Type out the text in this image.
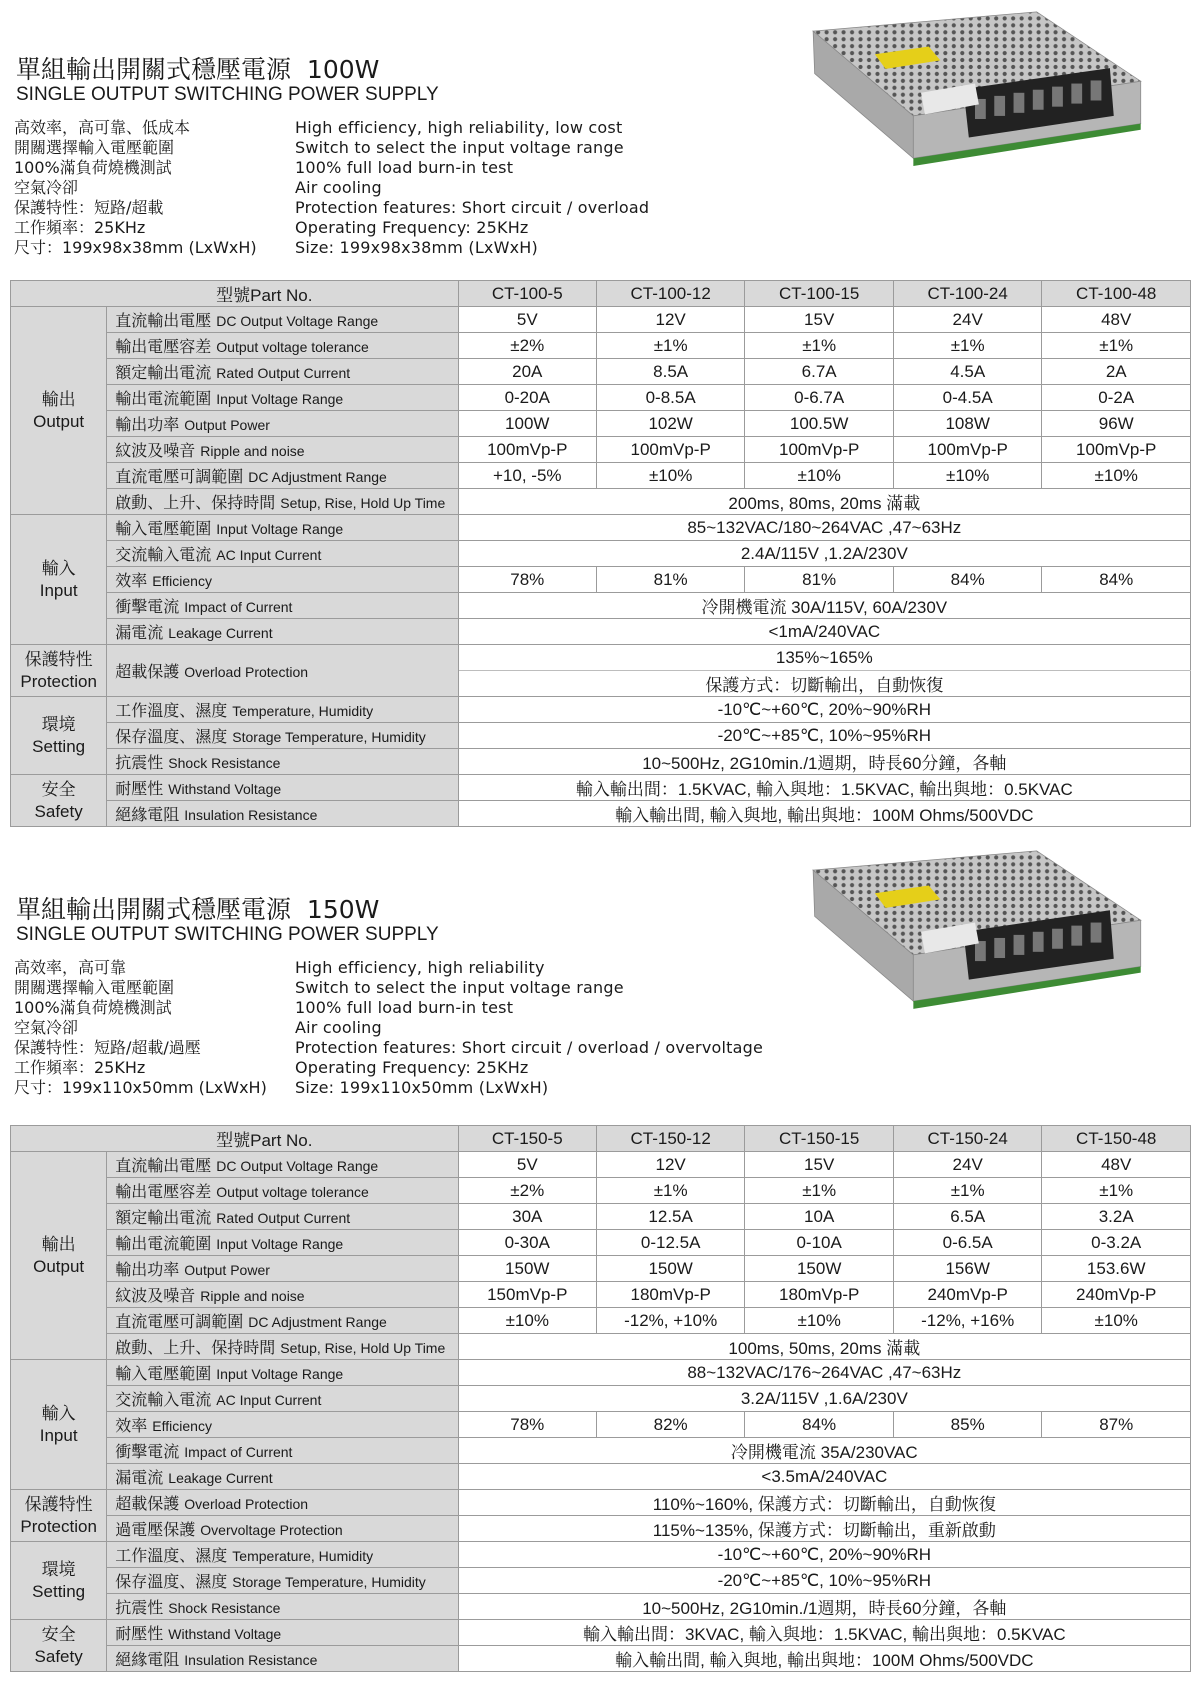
單組輸出開關式穩壓電源 100W
SINGLE OUTPUT SWITCHING POWER SUPPLY
高效率，高可靠、低成本
開關選擇輸入電壓範圍
100%滿負荷燒機測試
空氣冷卻
保護特性：短路/超載
工作頻率：25KHz
尺寸：199x98x38mm (LxWxH)
High efficiency, high reliability, low cost
Switch to select the input voltage range
100% full load burn-in test
Air cooling
Protection features: Short circuit / overload
Operating Frequency: 25KHz
Size: 199x98x38mm (LxWxH)
型號Part No.		CT-100-5	CT-100-12	CT-100-15	CT-100-24	CT-100-48

輸出
Output	直流輸出電壓 DC Output Voltage Range	5V	12V	15V	24V	48V
	輸出電壓容差 Output voltage tolerance	±2%	±1%	±1%	±1%	±1%
	額定輸出電流 Rated Output Current	20A	8.5A	6.7A	4.5A	2A
	輸出電流範圍 Input Voltage Range	0-20A	0-8.5A	0-6.7A	0-4.5A	0-2A
	輸出功率 Output Power	100W	102W	100.5W	108W	96W
	紋波及噪音 Ripple and noise	100mVp-P	100mVp-P	100mVp-P	100mVp-P	100mVp-P
	直流電壓可調範圍 DC Adjustment Range	+10, -5%	±10%	±10%	±10%	±10%
	啟動、上升、保持時間 Setup, Rise, Hold Up Time	200ms, 80ms, 20ms 滿載				

輸入
Input	輸入電壓範圍 Input Voltage Range	85~132VAC/180~264VAC ,47~63Hz				
	交流輸入電流 AC Input Current	2.4A/115V ,1.2A/230V				
	效率 Efficiency	78%	81%	81%	84%	84%
	衝擊電流 Impact of Current	冷開機電流 30A/115V, 60A/230V				
	漏電流 Leakage Current	<1mA/240VAC				

保護特性
Protection	超載保護 Overload Protection	135%~165%				
		保護方式：切斷輸出，自動恢復				

環境
Setting	工作溫度、濕度 Temperature, Humidity	-10℃~+60℃, 20%~90%RH				
	保存溫度、濕度 Storage Temperature, Humidity	-20℃~+85℃, 10%~95%RH				
	抗震性 Shock Resistance	10~500Hz, 2G10min./1週期，時長60分鐘，各軸				

安全
Safety	耐壓性 Withstand Voltage	輸入輸出間：1.5KVAC, 輸入與地：1.5KVAC, 輸出與地：0.5KVAC				
	絕緣電阻 Insulation Resistance	輸入輸出間, 輸入與地, 輸出與地：100M Ohms/500VDC				
單組輸出開關式穩壓電源 150W
SINGLE OUTPUT SWITCHING POWER SUPPLY
高效率，高可靠
開關選擇輸入電壓範圍
100%滿負荷燒機測試
空氣冷卻
保護特性：短路/超載/過壓
工作頻率：25KHz
尺寸：199x110x50mm (LxWxH)
High efficiency, high reliability
Switch to select the input voltage range
100% full load burn-in test
Air cooling
Protection features: Short circuit / overload / overvoltage
Operating Frequency: 25KHz
Size: 199x110x50mm (LxWxH)
型號Part No.		CT-150-5	CT-150-12	CT-150-15	CT-150-24	CT-150-48

輸出
Output	直流輸出電壓 DC Output Voltage Range	5V	12V	15V	24V	48V
	輸出電壓容差 Output voltage tolerance	±2%	±1%	±1%	±1%	±1%
	額定輸出電流 Rated Output Current	30A	12.5A	10A	6.5A	3.2A
	輸出電流範圍 Input Voltage Range	0-30A	0-12.5A	0-10A	0-6.5A	0-3.2A
	輸出功率 Output Power	150W	150W	150W	156W	153.6W
	紋波及噪音 Ripple and noise	150mVp-P	180mVp-P	180mVp-P	240mVp-P	240mVp-P
	直流電壓可調範圍 DC Adjustment Range	±10%	-12%, +10%	±10%	-12%, +16%	±10%
	啟動、上升、保持時間 Setup, Rise, Hold Up Time	100ms, 50ms, 20ms 滿載				

輸入
Input	輸入電壓範圍 Input Voltage Range	88~132VAC/176~264VAC ,47~63Hz				
	交流輸入電流 AC Input Current	3.2A/115V ,1.6A/230V				
	效率 Efficiency	78%	82%	84%	85%	87%
	衝擊電流 Impact of Current	冷開機電流 35A/230VAC				
	漏電流 Leakage Current	<3.5mA/240VAC				

保護特性
Protection	超載保護 Overload Protection	110%~160%, 保護方式：切斷輸出，自動恢復				
	過電壓保護 Overvoltage Protection	115%~135%, 保護方式：切斷輸出，重新啟動				

環境
Setting	工作溫度、濕度 Temperature, Humidity	-10℃~+60℃, 20%~90%RH				
	保存溫度、濕度 Storage Temperature, Humidity	-20℃~+85℃, 10%~95%RH				
	抗震性 Shock Resistance	10~500Hz, 2G10min./1週期，時長60分鐘，各軸				

安全
Safety	耐壓性 Withstand Voltage	輸入輸出間：3KVAC, 輸入與地：1.5KVAC, 輸出與地：0.5KVAC				
	絕緣電阻 Insulation Resistance	輸入輸出間, 輸入與地, 輸出與地：100M Ohms/500VDC				
